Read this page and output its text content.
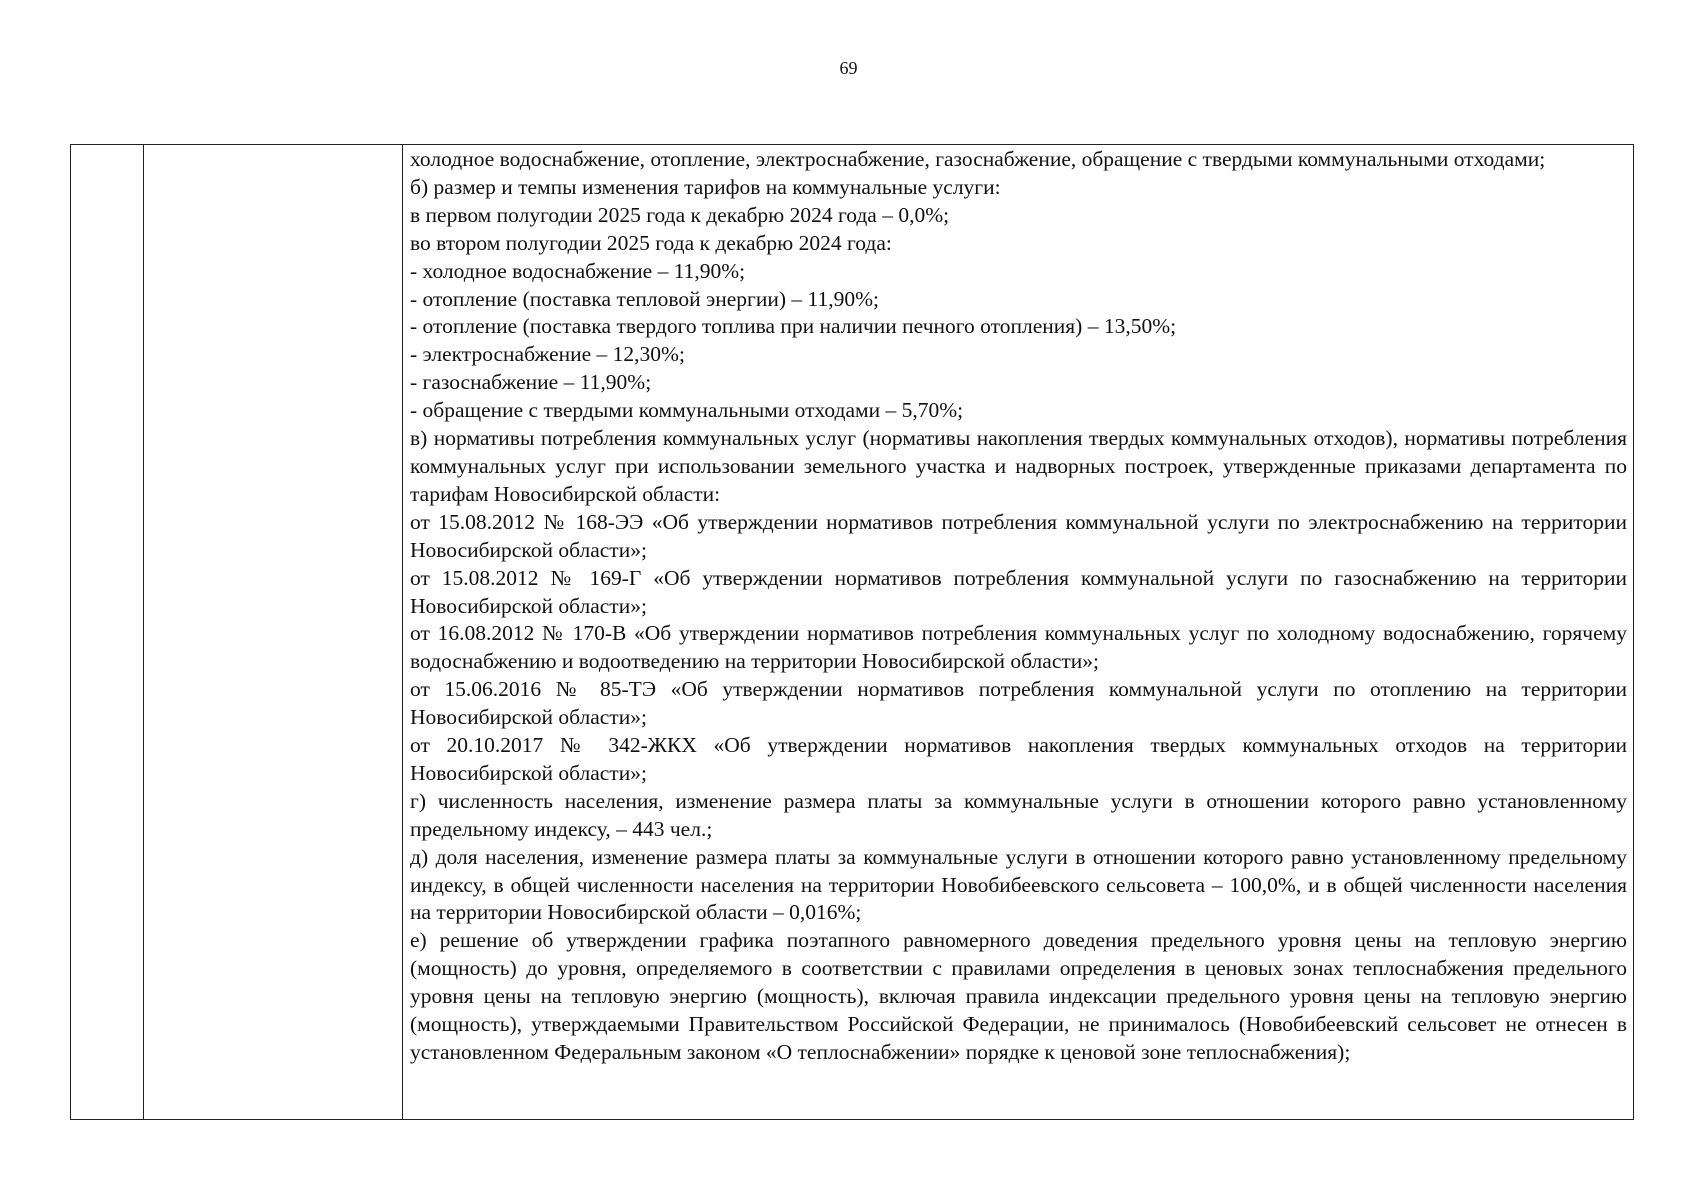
69

холодное водоснабжение, отопление, электроснабжение, газоснабжение, обращение с твердыми коммунальными отходами;

б) размер и темпы изменения тарифов на коммунальные услуги:

в первом полугодии 2025 года к декабрю 2024 года – 0,0%;

во втором полугодии 2025 года к декабрю 2024 года:

- холодное водоснабжение – 11,90%;

- отопление (поставка тепловой энергии) – 11,90%;

- отопление (поставка твердого топлива при наличии печного отопления) – 13,50%;

- электроснабжение – 12,30%;

- газоснабжение – 11,90%;

- обращение с твердыми коммунальными отходами – 5,70%;

в) нормативы потребления коммунальных услуг (нормативы накопления твердых коммунальных отходов), нормативы потребления коммунальных услуг при использовании земельного участка и надворных построек, утвержденные приказами департамента по тарифам Новосибирской области:

от 15.08.2012 № 168-ЭЭ «Об утверждении нормативов потребления коммунальной услуги по электроснабжению на территории Новосибирской области»;

от 15.08.2012 № 169-Г «Об утверждении нормативов потребления коммунальной услуги по газоснабжению на территории Новосибирской области»;

от 16.08.2012 № 170-В «Об утверждении нормативов потребления коммунальных услуг по холодному водоснабжению, горячему водоснабжению и водоотведению на территории Новосибирской области»;

от 15.06.2016 № 85-ТЭ «Об утверждении нормативов потребления коммунальной услуги по отоплению на территории Новосибирской области»;

от 20.10.2017 № 342-ЖКХ «Об утверждении нормативов накопления твердых коммунальных отходов на территории Новосибирской области»;

г) численность населения, изменение размера платы за коммунальные услуги в отношении которого равно установленному предельному индексу, – 443 чел.;

д) доля населения, изменение размера платы за коммунальные услуги в отношении которого равно установленному предельному индексу, в общей численности населения на территории Новобибеевского сельсовета – 100,0%, и в общей численности населения на территории Новосибирской области – 0,016%;

е) решение об утверждении графика поэтапного равномерного доведения предельного уровня цены на тепловую энергию (мощность) до уровня, определяемого в соответствии с правилами определения в ценовых зонах теплоснабжения предельного уровня цены на тепловую энергию (мощность), включая правила индексации предельного уровня цены на тепловую энергию (мощность), утверждаемыми Правительством Российской Федерации, не принималось (Новобибеевский сельсовет не отнесен в установленном Федеральным законом «О теплоснабжении» порядке к ценовой зоне теплоснабжения);
